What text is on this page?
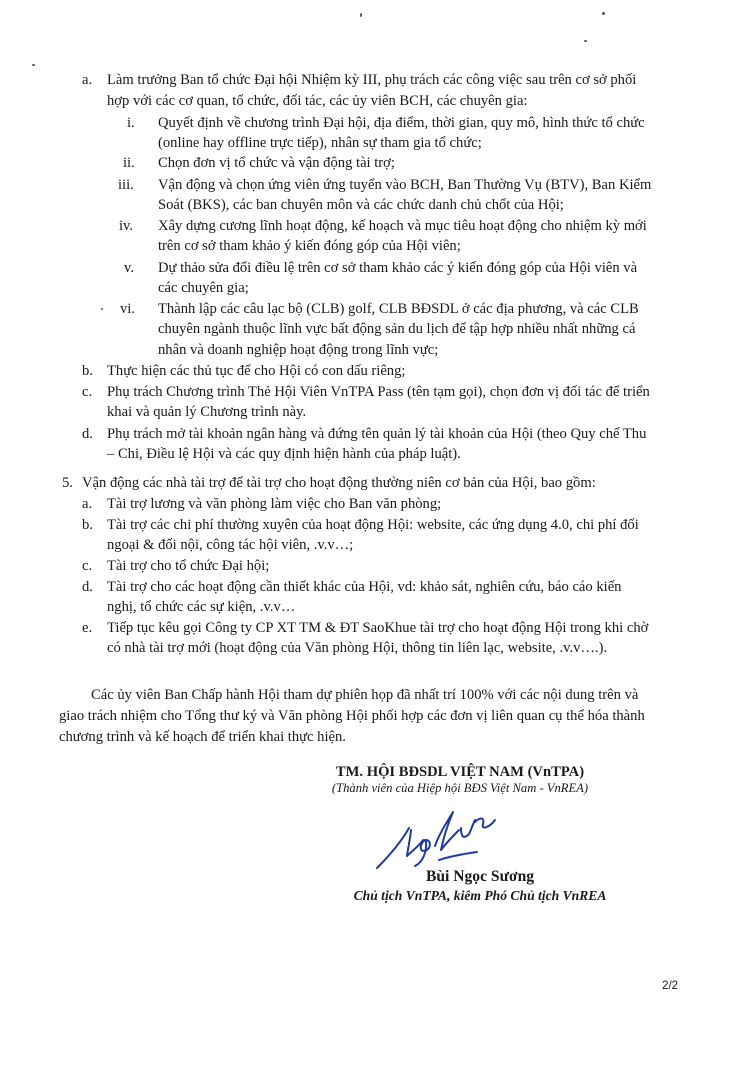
a. Làm trưởng Ban tổ chức Đại hội Nhiệm kỳ III, phụ trách các công việc sau trên cơ sở phối
hợp với các cơ quan, tổ chức, đối tác, các ủy viên BCH, các chuyên gia:
i. Quyết định về chương trình Đại hội, địa điểm, thời gian, quy mô, hình thức tổ chức
(online hay offline trực tiếp), nhân sự tham gia tổ chức;
ii. Chọn đơn vị tổ chức và vận động tài trợ;
iii. Vận động và chọn ứng viên ứng tuyển vào BCH, Ban Thường Vụ (BTV), Ban Kiểm
Soát (BKS), các ban chuyên môn và các chức danh chủ chốt của Hội;
iv. Xây dựng cương lĩnh hoạt động, kế hoạch và mục tiêu hoạt động cho nhiệm kỳ mới
trên cơ sở tham khảo ý kiến đóng góp của Hội viên;
v. Dự thảo sửa đổi điều lệ trên cơ sở tham khảo các ý kiến đóng góp của Hội viên và
các chuyên gia;
vi. Thành lập các câu lạc bộ (CLB) golf, CLB BĐSDL ở các địa phương, và các CLB
chuyên ngành thuộc lĩnh vực bất động sản du lịch để tập hợp nhiều nhất những cá
nhân và doanh nghiệp hoạt động trong lĩnh vực;
b. Thực hiện các thủ tục để cho Hội có con dấu riêng;
c. Phụ trách Chương trình Thẻ Hội Viên VnTPA Pass (tên tạm gọi), chọn đơn vị đối tác để triển
khai và quản lý Chương trình này.
d. Phụ trách mở tài khoản ngân hàng và đứng tên quản lý tài khoản của Hội (theo Quy chế Thu
– Chi, Điều lệ Hội và các quy định hiện hành của pháp luật).
5. Vận động các nhà tài trợ để tài trợ cho hoạt động thường niên cơ bản của Hội, bao gồm:
a. Tài trợ lương và văn phòng làm việc cho Ban văn phòng;
b. Tài trợ các chi phí thường xuyên của hoạt động Hội: website, các ứng dụng 4.0, chi phí đối
ngoại & đối nội, công tác hội viên, .v.v…;
c. Tài trợ cho tổ chức Đại hội;
d. Tài trợ cho các hoạt động cần thiết khác của Hội, vd: khảo sát, nghiên cứu, báo cáo kiến
nghị, tổ chức các sự kiện, .v.v…
e. Tiếp tục kêu gọi Công ty CP XT TM & ĐT SaoKhue tài trợ cho hoạt động Hội trong khi chờ
có nhà tài trợ mới (hoạt động của Văn phòng Hội, thông tin liên lạc, website, .v.v….).
Các ủy viên Ban Chấp hành Hội tham dự phiên họp đã nhất trí 100% với các nội dung trên và
giao trách nhiệm cho Tổng thư ký và Văn phòng Hội phối hợp các đơn vị liên quan cụ thể hóa thành
chương trình và kế hoạch để triển khai thực hiện.
TM. HỘI BĐSDL VIỆT NAM (VnTPA)
(Thành viên của Hiệp hội BĐS Việt Nam - VnREA)
Bùi Ngọc Sương
Chủ tịch VnTPA, kiêm Phó Chủ tịch VnREA
2/2
